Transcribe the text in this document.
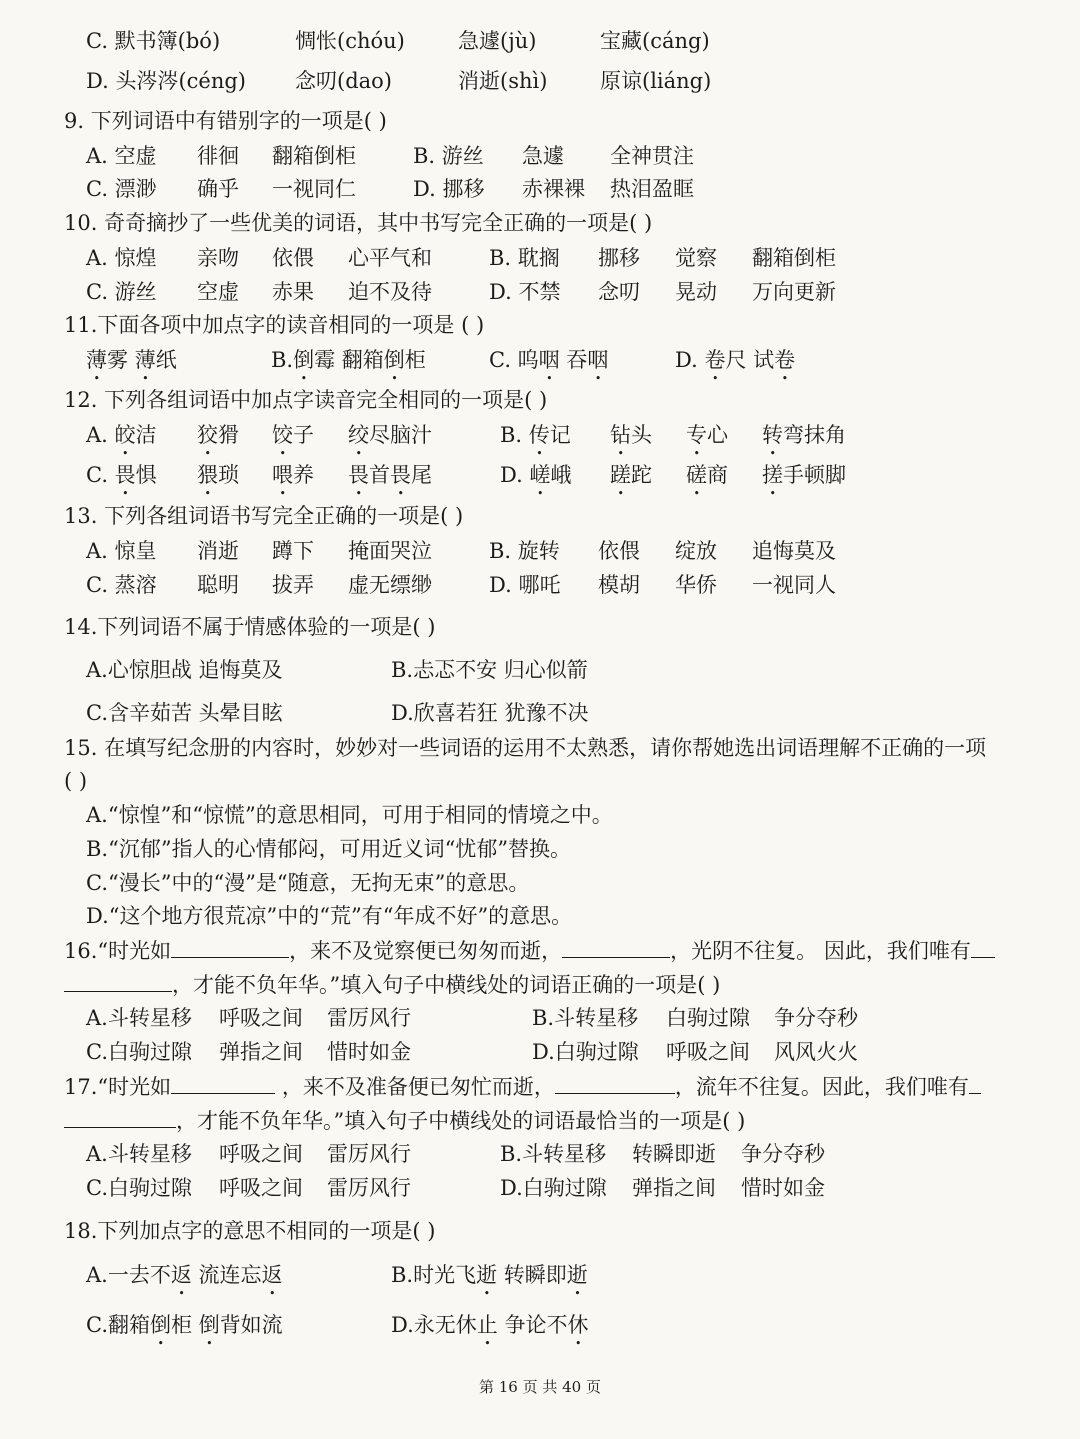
C. 默书簿(bó)	惆怅(chóu)	急遽(jù)	宝藏(cáng)
D. 头涔涔(céng) 念叨(dao)	消逝(shì)	原谅(liáng)
9. 下列词语中有错别字的一项是( )
A. 空虚 徘徊 翻箱倒柜	B. 游丝 急遽 全神贯注
C. 漂渺 确乎 一视同仁	D. 挪移 赤裸裸 热泪盈眶
10. 奇奇摘抄了一些优美的词语，其中书写完全正确的一项是( )
A. 惊煌 亲吻 依偎 心平气和	B. 耽搁 挪移 觉察 翻箱倒柜
C. 游丝 空虚 赤果 迫不及待	D. 不禁 念叨 晃动 万向更新
11.下面各项中加点字的读音相同的一项是 ( )
薄雾 薄纸	B.倒霉 翻箱倒柜	C. 呜咽 吞咽	D. 卷尺 试卷
12. 下列各组词语中加点字读音完全相同的一项是( )
A. 皎洁 狡猾 饺子 绞尽脑汁	B. 传记 钻头 专心 转弯抹角
C. 畏惧 猥琐 喂养 畏首畏尾	D. 嵯峨 蹉跎 磋商 搓手顿脚
13. 下列各组词语书写完全正确的一项是( )
A. 惊皇 消逝 蹲下 掩面哭泣	B. 旋转 依偎 绽放 追悔莫及
C. 蒸溶 聪明 拔弄 虚无缥缈	D. 哪吒 模胡 华侨 一视同人
14.下列词语不属于情感体验的一项是( )
A.心惊胆战 追悔莫及	B.忐忑不安 归心似箭
C.含辛茹苦 头晕目眩	D.欣喜若狂 犹豫不决
15. 在填写纪念册的内容时，妙妙对一些词语的运用不太熟悉，请你帮她选出词语理解不正确的一项
( )
A.“惊惶”和“惊慌”的意思相同，可用于相同的情境之中。
B.“沉郁”指人的心情郁闷，可用近义词“忧郁”替换。
C.“漫长”中的“漫”是“随意，无拘无束”的意思。
D.“这个地方很荒凉”中的“荒”有“年成不好”的意思。
16.“时光如	，来不及觉察便已匆匆而逝，	，光阴不往复。 因此，我们唯有
，才能不负年华。”填入句子中横线处的词语正确的一项是( )
A.斗转星移 呼吸之间 雷厉风行	B.斗转星移 白驹过隙 争分夺秒
C.白驹过隙 弹指之间 惜时如金	D.白驹过隙 呼吸之间 风风火火
17.“时光如	，来不及准备便已匆忙而逝，	，流年不往复。因此，我们唯有
，才能不负年华。”填入句子中横线处的词语最恰当的一项是( )
A.斗转星移 呼吸之间 雷厉风行	B.斗转星移 转瞬即逝 争分夺秒
C.白驹过隙 呼吸之间 雷厉风行	D.白驹过隙 弹指之间 惜时如金
18.下列加点字的意思不相同的一项是( )
A.一去不返 流连忘返	B.时光飞逝 转瞬即逝
C.翻箱倒柜 倒背如流	D.永无休止 争论不休
第 16 页 共 40 页
